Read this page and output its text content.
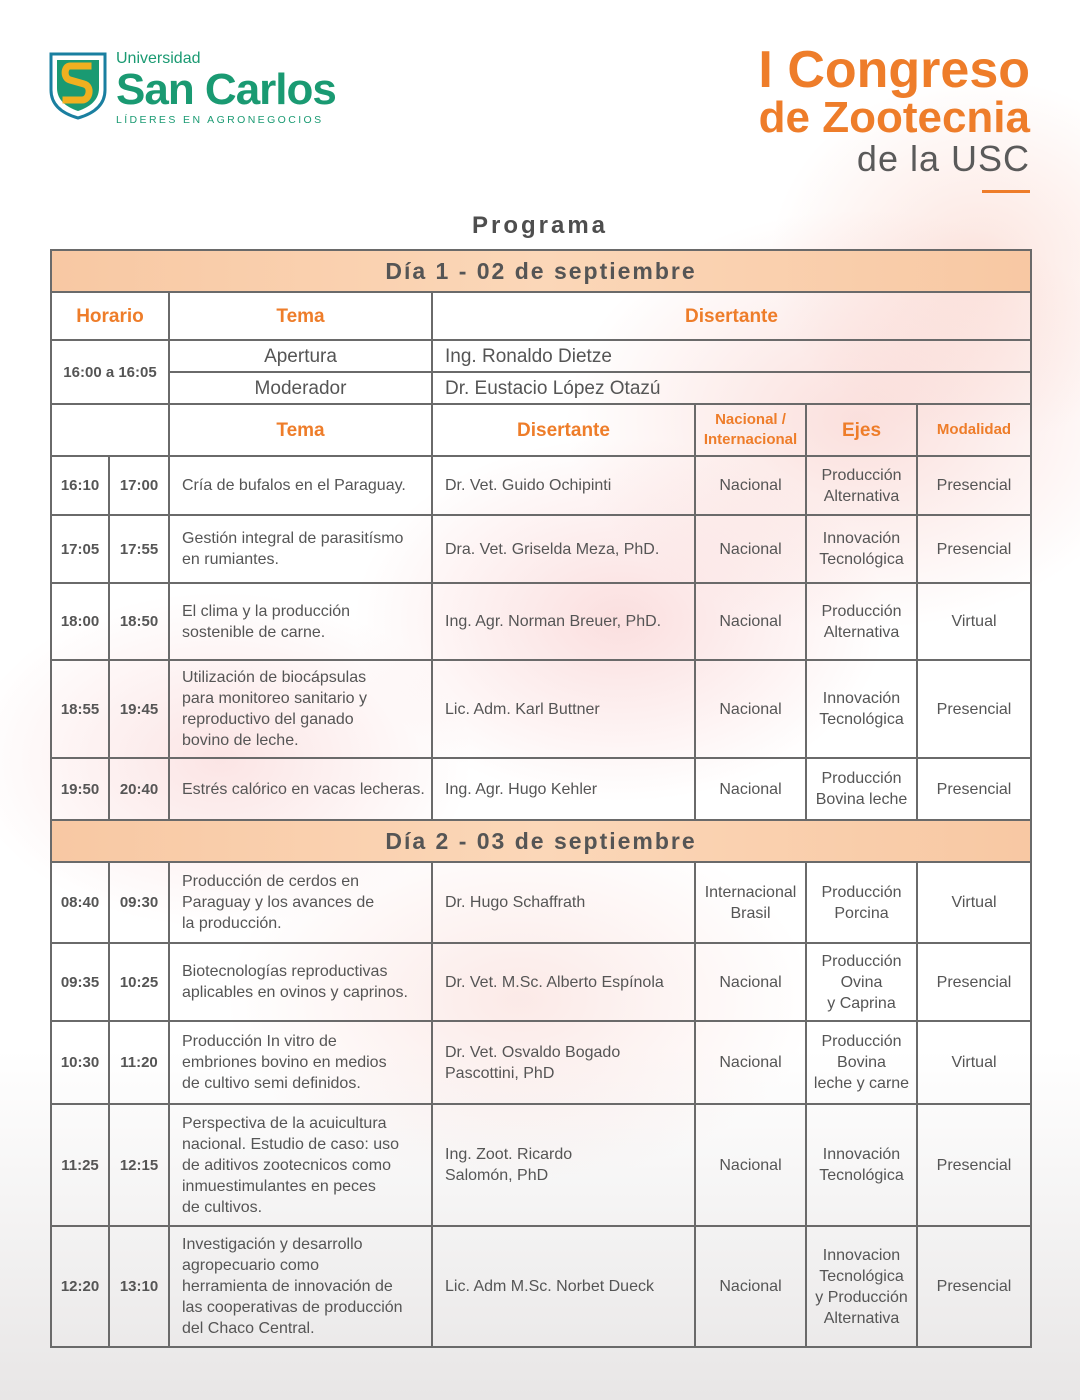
Universidad
San Carlos
LÍDERES EN AGRONEGOCIOS
I Congreso
de Zootecnia
de la USC
Programa
Día 1 - 02 de septiembre						
Horario		Tema	Disertante			
16:00 a 16:05		Apertura	Ing. Ronaldo Dietze			
		Moderador	Dr. Eustacio López Otazú			
		Tema	Disertante	Nacional /
Internacional	Ejes	Modalidad
16:10	17:00	Cría de bufalos en el Paraguay.	Dr. Vet. Guido Ochipinti	Nacional	Producción
Alternativa	Presencial
17:05	17:55	Gestión integral de parasitísmo
en rumiantes.	Dra. Vet. Griselda Meza, PhD.	Nacional	Innovación
Tecnológica	Presencial
18:00	18:50	El clima y la producción
sostenible de carne.	Ing. Agr. Norman Breuer, PhD.	Nacional	Producción
Alternativa	Virtual
18:55	19:45	Utilización de biocápsulas
para monitoreo sanitario y
reproductivo del ganado
bovino de leche.	Lic. Adm. Karl Buttner	Nacional	Innovación
Tecnológica	Presencial
19:50	20:40	Estrés calórico en vacas lecheras.	Ing. Agr. Hugo Kehler	Nacional	Producción
Bovina leche	Presencial
Día 2 - 03 de septiembre						
08:40	09:30	Producción de cerdos en
Paraguay y los avances de
la producción.	Dr. Hugo Schaffrath	Internacional
Brasil	Producción
Porcina	Virtual
09:35	10:25	Biotecnologías reproductivas
aplicables en ovinos y caprinos.	Dr. Vet. M.Sc. Alberto Espínola	Nacional	Producción
Ovina
y Caprina	Presencial
10:30	11:20	Producción In vitro de
embriones bovino en medios
de cultivo semi definidos.	Dr. Vet. Osvaldo Bogado
Pascottini, PhD	Nacional	Producción
Bovina
leche y carne	Virtual
11:25	12:15	Perspectiva de la acuicultura
nacional. Estudio de caso: uso
de aditivos zootecnicos como
inmuestimulantes en peces
de cultivos.	Ing. Zoot. Ricardo
Salomón, PhD	Nacional	Innovación
Tecnológica	Presencial
12:20	13:10	Investigación y desarrollo
agropecuario como
herramienta de innovación de
las cooperativas de producción
del Chaco Central.	Lic. Adm M.Sc. Norbet Dueck	Nacional	Innovacion
Tecnológica
y Producción
Alternativa	Presencial
